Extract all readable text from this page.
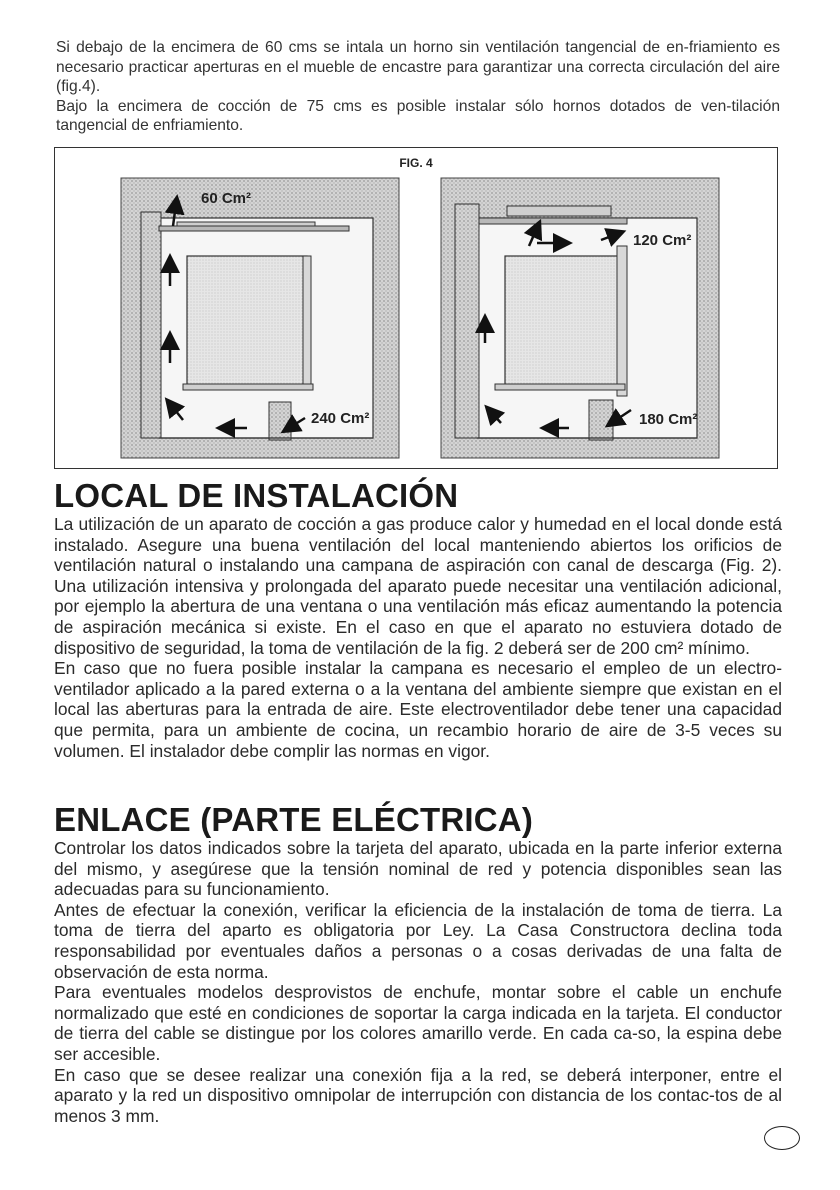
Si debajo de la encimera de 60 cms se intala un horno sin ventilación tangencial de en-friamiento es necesario practicar aperturas en el mueble de encastre para garantizar una correcta circulación del aire (fig.4).

Bajo la encimera de cocción de 75 cms es posible instalar sólo hornos dotados de ven-tilación tangencial de enfriamiento.

FIG. 4
60 Cm²
240 Cm²
120 Cm²
180 Cm²
LOCAL DE INSTALACIÓN

La utilización de un aparato de cocción a gas produce calor y humedad en el local donde está instalado. Asegure una buena ventilación del local manteniendo abiertos los orificios de ventilación natural o instalando una campana de aspiración con canal de descarga (Fig. 2). Una utilización intensiva y prolongada del aparato puede necesitar una ventilación adicional, por ejemplo la abertura de una ventana o una ventilación más eficaz aumentando la potencia de aspiración mecánica si existe. En el caso en que el aparato no estuviera dotado de dispositivo de seguridad, la toma de ventilación de la fig. 2 deberá ser de 200 cm² mínimo.

En caso que no fuera posible instalar la campana es necesario el empleo de un electro-ventilador aplicado a la pared externa o a la ventana del ambiente siempre que existan en el local las aberturas para la entrada de aire. Este electroventilador debe tener una capacidad que permita, para un ambiente de cocina, un recambio horario de aire de 3-5 veces su volumen. El instalador debe complir las normas en vigor.

ENLACE (PARTE ELÉCTRICA)

Controlar los datos indicados sobre la tarjeta del aparato, ubicada en la parte inferior externa del mismo, y asegúrese que la tensión nominal de red y potencia disponibles sean las adecuadas para su funcionamiento.

Antes de efectuar la conexión, verificar la eficiencia de la instalación de toma de tierra. La toma de tierra del aparto es obligatoria por Ley. La Casa Constructora declina toda responsabilidad por eventuales daños a personas o a cosas derivadas de una falta de observación de esta norma.

Para eventuales modelos desprovistos de enchufe, montar sobre el cable un enchufe normalizado que esté en condiciones de soportar la carga indicada en la tarjeta. El conductor de tierra del cable se distingue por los colores amarillo verde. En cada ca-so, la espina debe ser accesible.

En caso que se desee realizar una conexión fija a la red, se deberá interponer, entre el aparato y la red un dispositivo omnipolar de interrupción con distancia de los contac-tos de al menos 3 mm.
